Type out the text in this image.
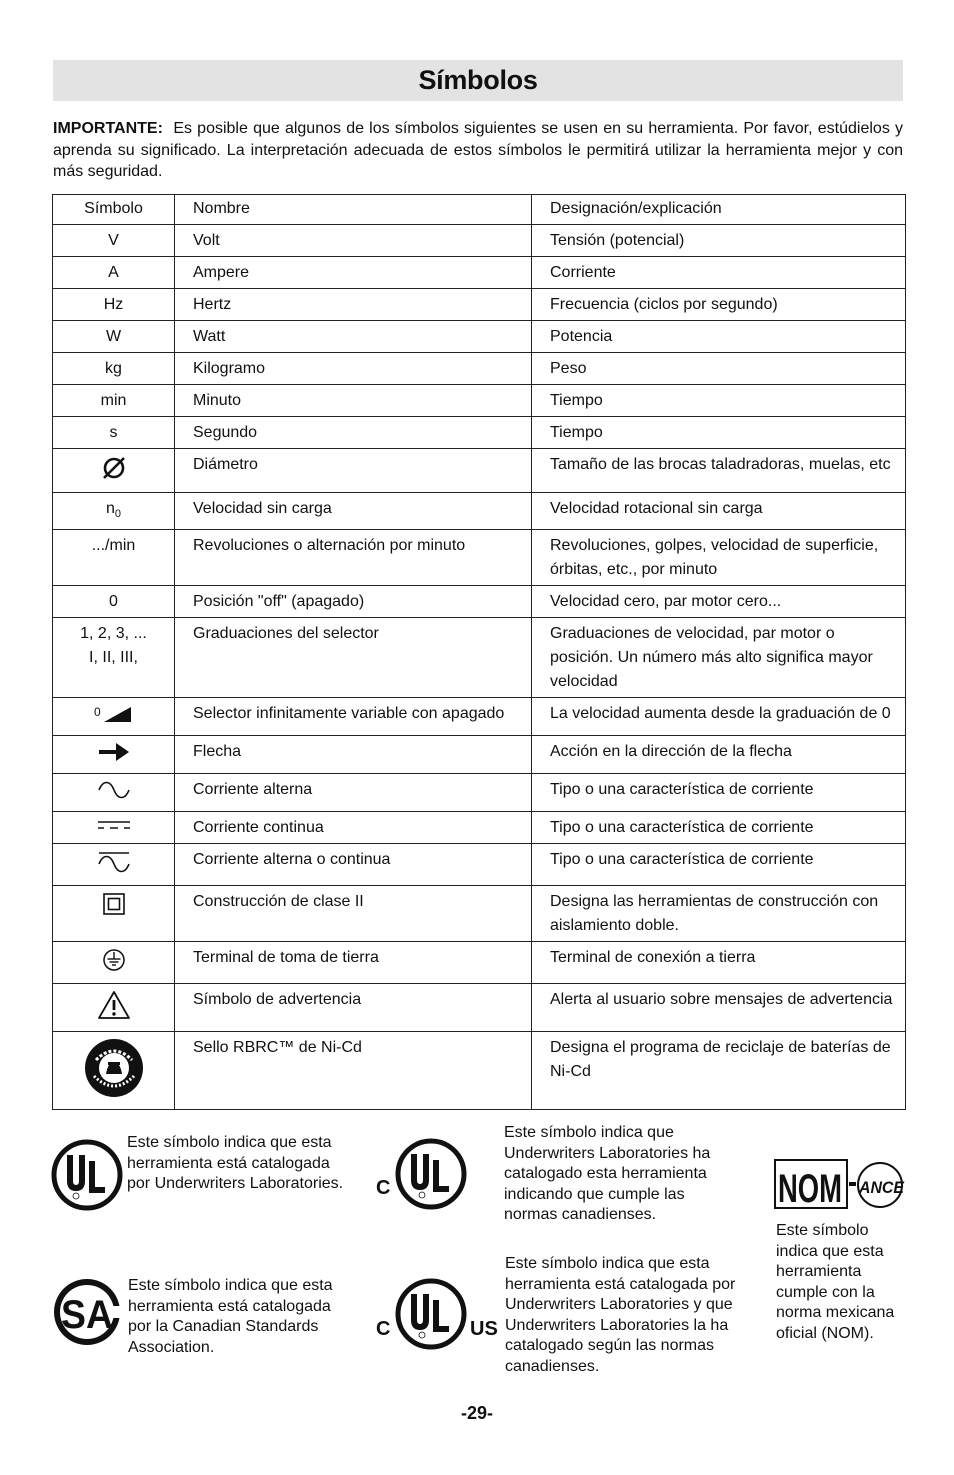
Símbolos
IMPORTANTE: Es posible que algunos de los símbolos siguientes se usen en su herramienta. Por favor, estúdielos y aprenda su significado. La interpretación adecuada de estos símbolos le permitirá utilizar la herramienta mejor y con más seguridad.
Símbolo	Nombre	Designación/explicación
V	Volt	Tensión (potencial)
A	Ampere	Corriente
Hz	Hertz	Frecuencia (ciclos por segundo)
W	Watt	Potencia
kg	Kilogramo	Peso
min	Minuto	Tiempo
s	Segundo	Tiempo
	Diámetro	Tamaño de las brocas taladradoras, muelas, etc
$n_0$	Velocidad sin carga	Velocidad rotacional sin carga
.../min	Revoluciones o alternación por minuto	Revoluciones, golpes, velocidad de superficie, órbitas, etc., por minuto
0	Posición "off" (apagado)	Velocidad cero, par motor cero...
1, 2, 3, ...
I, II, III,	Graduaciones del selector	Graduaciones de velocidad, par motor o posición. Un número más alto significa mayor velocidad

0	Selector infinitamente variable con apagado	La velocidad aumenta desde la graduación de 0
	Flecha	Acción en la dirección de la flecha
	Corriente alterna	Tipo o una característica de corriente
	Corriente continua	Tipo o una característica de corriente
	Corriente alterna o continua	Tipo o una característica de corriente
	Construcción de clase II	Designa las herramientas de construcción con aislamiento doble.
	Terminal de toma de tierra	Terminal de conexión a tierra
	Símbolo de advertencia	Alerta al usuario sobre mensajes de advertencia
	Sello RBRC™ de Ni-Cd	Designa el programa de reciclaje de baterías de Ni-Cd
Este símbolo indica que esta herramienta está catalogada por Underwriters Laboratories.	C
Este símbolo indica que Underwriters Laboratories ha catalogado esta herramienta indicando que cumple las normas canadienses.
NOM ANCE
Este símbolo indica que esta herramienta cumple con la norma mexicana oficial (NOM).
SA
Este símbolo indica que esta herramienta está catalogada por la Canadian Standards Association.
C	US
Este símbolo indica que esta herramienta está catalogada por Underwriters Laboratories y que Underwriters Laboratories la ha catalogado según las normas canadienses.
-29-
